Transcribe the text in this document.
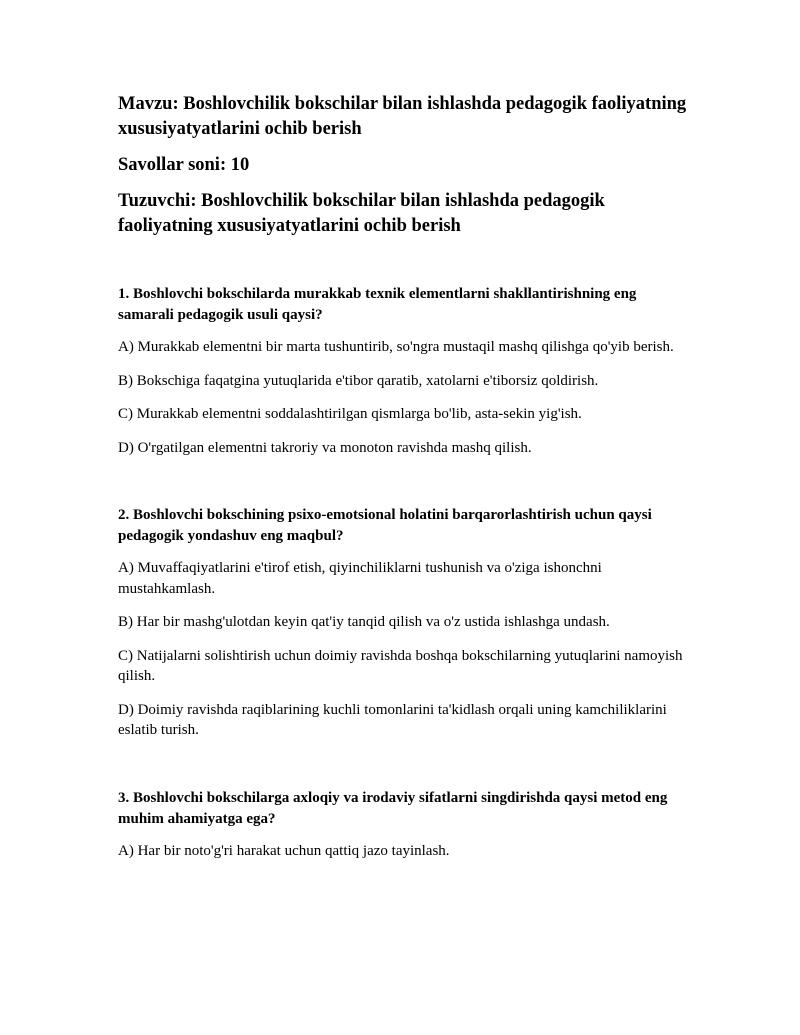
Mavzu: Boshlovchilik bokschilar bilan ishlashda pedagogik faoliyatning xususiyatyatlarini ochib berish
Savollar soni: 10
Tuzuvchi: Boshlovchilik bokschilar bilan ishlashda pedagogik faoliyatning xususiyatyatlarini ochib berish
1. Boshlovchi bokschilarda murakkab texnik elementlarni shakllantirishning eng samarali pedagogik usuli qaysi?
A) Murakkab elementni bir marta tushuntirib, so'ngra mustaqil mashq qilishga qo'yib berish.
B) Bokschiga faqatgina yutuqlarida e'tibor qaratib, xatolarni e'tiborsiz qoldirish.
C) Murakkab elementni soddalashtirilgan qismlarga bo'lib, asta-sekin yig'ish.
D) O'rgatilgan elementni takroriy va monoton ravishda mashq qilish.
2. Boshlovchi bokschining psixo-emotsional holatini barqarorlashtirish uchun qaysi pedagogik yondashuv eng maqbul?
A) Muvaffaqiyatlarini e'tirof etish, qiyinchiliklarni tushunish va o'ziga ishonchni mustahkamlash.
B) Har bir mashg'ulotdan keyin qat'iy tanqid qilish va o'z ustida ishlashga undash.
C) Natijalarni solishtirish uchun doimiy ravishda boshqa bokschilarning yutuqlarini namoyish qilish.
D) Doimiy ravishda raqiblarining kuchli tomonlarini ta'kidlash orqali uning kamchiliklarini eslatib turish.
3. Boshlovchi bokschilarga axloqiy va irodaviy sifatlarni singdirishda qaysi metod eng muhim ahamiyatga ega?
A) Har bir noto'g'ri harakat uchun qattiq jazo tayinlash.
